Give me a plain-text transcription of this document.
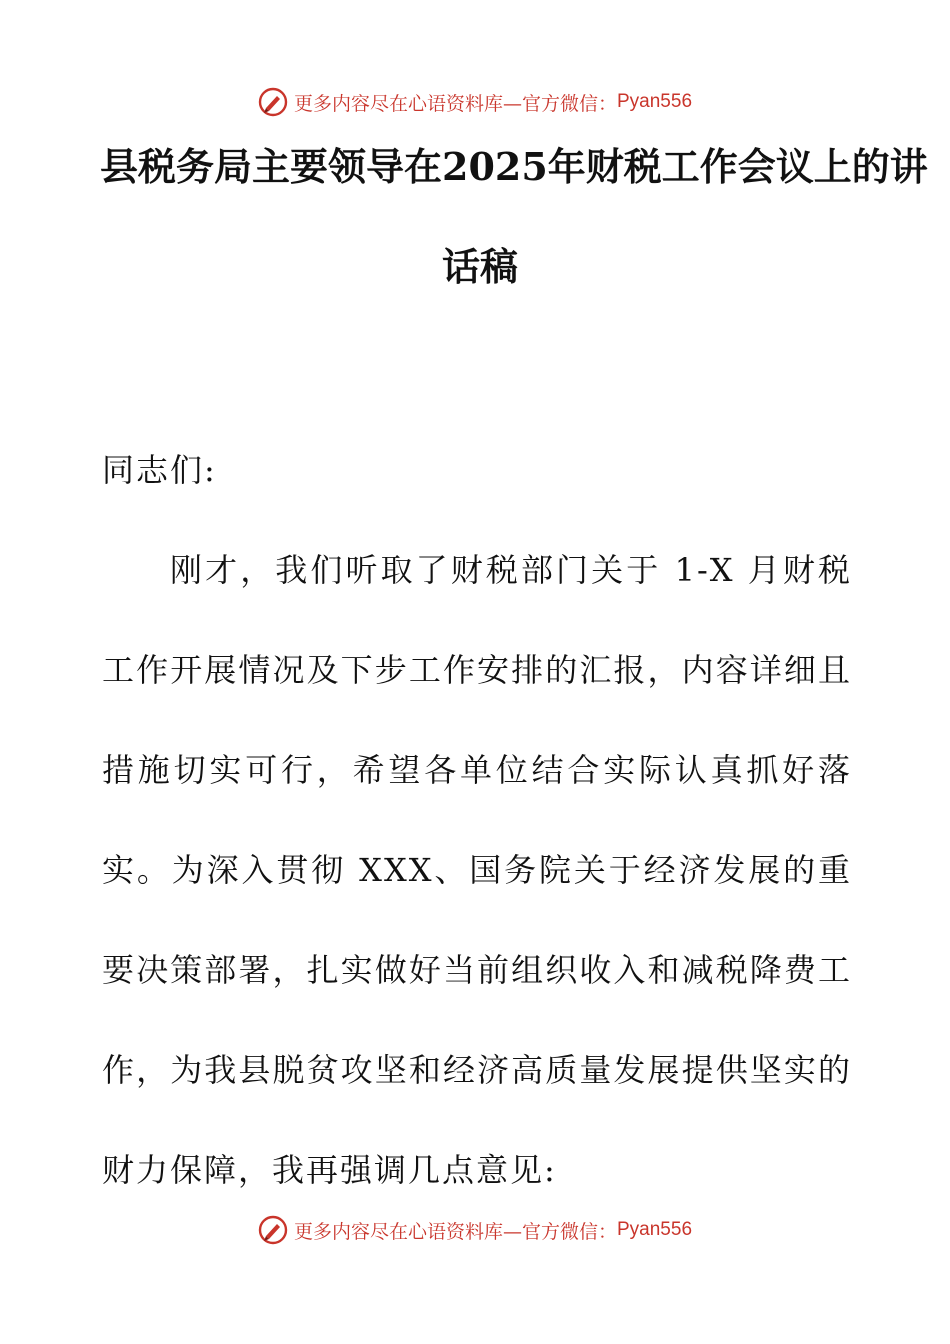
更多内容尽在心语资料库—官方微信： Pyan556
县税务局主要领导在2025年财税工作会议上的讲
话稿
同志们:
刚才，我们听取了财税部门关于 1-X 月财税工作开展情况及下步工作安排的汇报，内容详细且措施切实可行，希望各单位结合实际认真抓好落实。为深入贯彻 XXX、国务院关于经济发展的重要决策部署，扎实做好当前组织收入和减税降费工作，为我县脱贫攻坚和经济高质量发展提供坚实的财力保障，我再强调几点意见:
更多内容尽在心语资料库—官方微信： Pyan556
